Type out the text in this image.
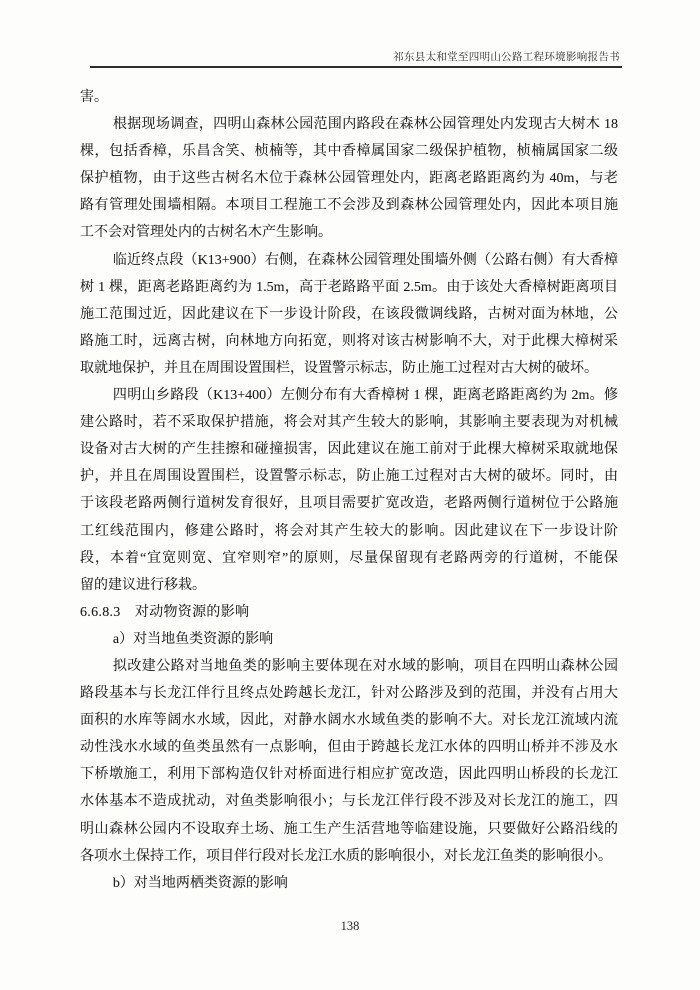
祁东县太和堂至四明山公路工程环境影响报告书
害。
根据现场调查，四明山森林公园范围内路段在森林公园管理处内发现古大树木 18
棵，包括香樟，乐昌含笑、桢楠等，其中香樟属国家二级保护植物，桢楠属国家二级
保护植物，由于这些古树名木位于森林公园管理处内，距离老路距离约为 40m，与老
路有管理处围墙相隔。本项目工程施工不会涉及到森林公园管理处内，因此本项目施
工不会对管理处内的古树名木产生影响。
临近终点段（K13+900）右侧，在森林公园管理处围墙外侧（公路右侧）有大香樟
树 1 棵，距离老路距离约为 1.5m，高于老路路平面 2.5m。由于该处大香樟树距离项目
施工范围过近，因此建议在下一步设计阶段，在该段微调线路，古树对面为林地，公
路施工时，远离古树，向林地方向拓宽，则将对该古树影响不大，对于此棵大樟树采
取就地保护，并且在周围设置围栏，设置警示标志，防止施工过程对古大树的破坏。
四明山乡路段（K13+400）左侧分布有大香樟树 1 棵，距离老路距离约为 2m。修
建公路时，若不采取保护措施，将会对其产生较大的影响，其影响主要表现为对机械
设备对古大树的产生挂擦和碰撞损害，因此建议在施工前对于此棵大樟树采取就地保
护，并且在周围设置围栏，设置警示标志，防止施工过程对古大树的破坏。同时，由
于该段老路两侧行道树发育很好，且项目需要扩宽改造，老路两侧行道树位于公路施
工红线范围内，修建公路时，将会对其产生较大的影响。因此建议在下一步设计阶
段，本着“宜宽则宽、宜窄则窄”的原则，尽量保留现有老路两旁的行道树，不能保
留的建议进行移栽。
6.6.8.3　对动物资源的影响
a）对当地鱼类资源的影响
拟改建公路对当地鱼类的影响主要体现在对水域的影响，项目在四明山森林公园
路段基本与长龙江伴行且终点处跨越长龙江，针对公路涉及到的范围，并没有占用大
面积的水库等阔水水域，因此，对静水阔水水域鱼类的影响不大。对长龙江流域内流
动性浅水水域的鱼类虽然有一点影响，但由于跨越长龙江水体的四明山桥并不涉及水
下桥墩施工，利用下部构造仅针对桥面进行相应扩宽改造，因此四明山桥段的长龙江
水体基本不造成扰动，对鱼类影响很小；与长龙江伴行段不涉及对长龙江的施工，四
明山森林公园内不设取弃土场、施工生产生活营地等临建设施，只要做好公路沿线的
各项水土保持工作，项目伴行段对长龙江水质的影响很小，对长龙江鱼类的影响很小。
b）对当地两栖类资源的影响
138
